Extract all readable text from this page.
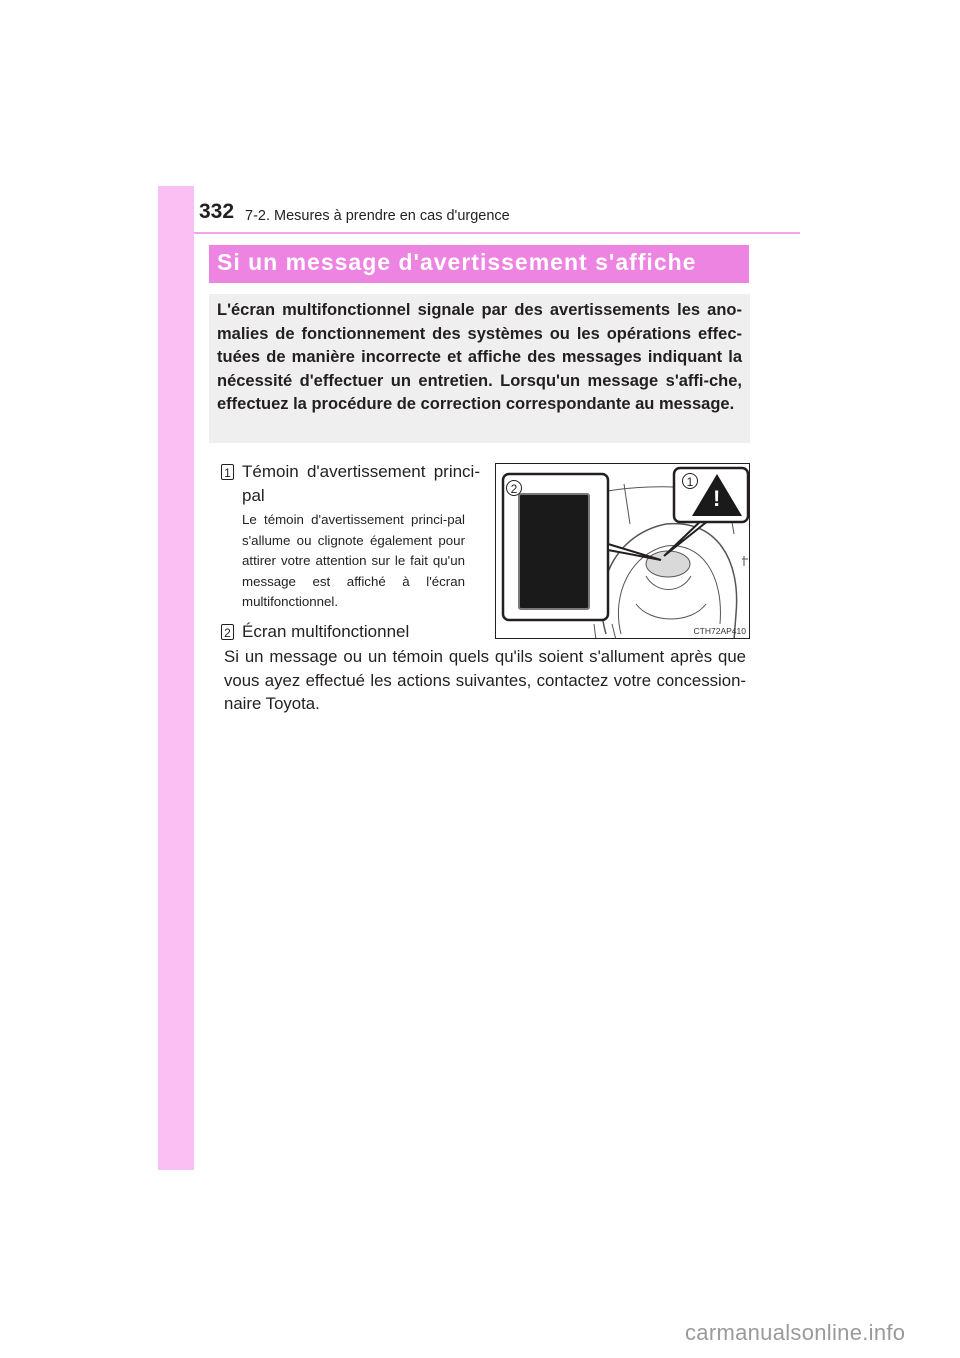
332 7-2. Mesures à prendre en cas d'urgence
Si un message d'avertissement s'affiche
L'écran multifonctionnel signale par des avertissements les ano-malies de fonctionnement des systèmes ou les opérations effec-tuées de manière incorrecte et affiche des messages indiquant la nécessité d'effectuer un entretien. Lorsqu'un message s'affi-che, effectuez la procédure de correction correspondante au message.
1 Témoin d'avertissement princi-pal
Le témoin d'avertissement princi-pal s'allume ou clignote également pour attirer votre attention sur le fait qu'un message est affiché à l'écran multifonctionnel.
2 Écran multifonctionnel
Si un message ou un témoin quels qu'ils soient s'allument après que vous ayez effectué les actions suivantes, contactez votre concession-naire Toyota.
2	1
!
CTH72AP410
carmanualsonline.info
